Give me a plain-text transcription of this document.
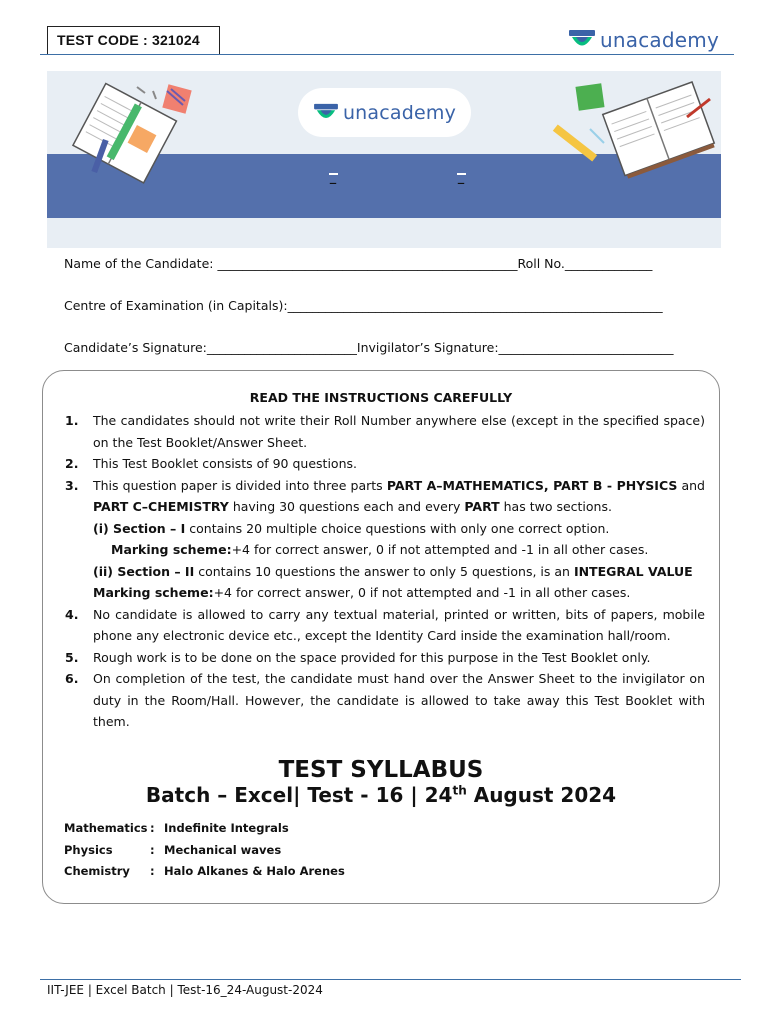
TEST CODE : 321024	unacademy
unacademy
Name of the Candidate: ________________________________________________Roll No.______________
Centre of Examination (in Capitals):____________________________________________________________
Candidate’s Signature:________________________Invigilator’s Signature:____________________________
READ THE INSTRUCTIONS CAREFULLY
1.	The candidates should not write their Roll Number anywhere else (except in the specified space) on the Test Booklet/Answer Sheet.
2.	This Test Booklet consists of 90 questions.
3.	This question paper is divided into three parts PART A–MATHEMATICS, PART B - PHYSICS and PART C–CHEMISTRY having 30 questions each and every PART has two sections.
(i) Section – I contains 20 multiple choice questions with only one correct option.
Marking scheme:+4 for correct answer, 0 if not attempted and -1 in all other cases.
(ii) Section – II contains 10 questions the answer to only 5 questions, is an INTEGRAL VALUE
Marking scheme:+4 for correct answer, 0 if not attempted and -1 in all other cases.
4.	No candidate is allowed to carry any textual material, printed or written, bits of papers, mobile phone any electronic device etc., except the Identity Card inside the examination hall/room.
5.	Rough work is to be done on the space provided for this purpose in the Test Booklet only.
6.	On completion of the test, the candidate must hand over the Answer Sheet to the invigilator on duty in the Room/Hall. However, the candidate is allowed to take away this Test Booklet with them.
TEST SYLLABUS
Batch – Excel| Test - 16 | 24th August 2024
Mathematics : Indefinite Integrals
Physics	: Mechanical waves
Chemistry	: Halo Alkanes & Halo Arenes
IIT-JEE | Excel Batch | Test-16_24-August-2024
